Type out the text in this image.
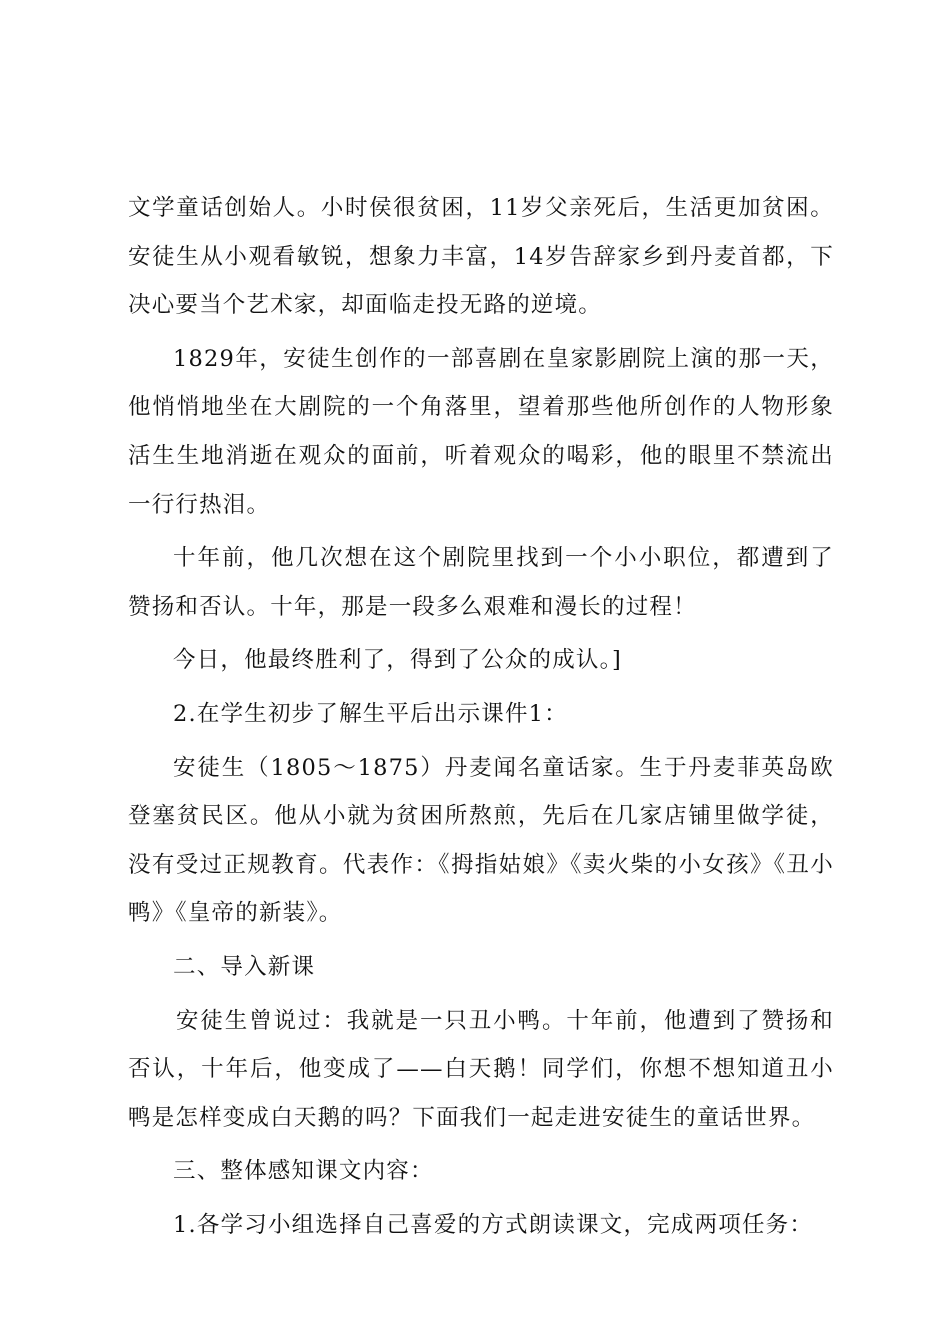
文学童话创始人。小时侯很贫困，11岁父亲死后，生活更加贫困。安徒生从小观看敏锐，想象力丰富，14岁告辞家乡到丹麦首都，下决心要当个艺术家，却面临走投无路的逆境。

1829年，安徒生创作的一部喜剧在皇家影剧院上演的那一天，他悄悄地坐在大剧院的一个角落里，望着那些他所创作的人物形象活生生地消逝在观众的面前，听着观众的喝彩，他的眼里不禁流出一行行热泪。

十年前，他几次想在这个剧院里找到一个小小职位，都遭到了赞扬和否认。十年，那是一段多么艰难和漫长的过程！

今日，他最终胜利了，得到了公众的成认。]

2.在学生初步了解生平后出示课件1：

安徒生（1805～1875）丹麦闻名童话家。生于丹麦菲英岛欧登塞贫民区。他从小就为贫困所熬煎，先后在几家店铺里做学徒，没有受过正规教育。代表作：《拇指姑娘》《卖火柴的小女孩》《丑小鸭》《皇帝的新装》。

二、导入新课

安徒生曾说过：我就是一只丑小鸭。十年前，他遭到了赞扬和否认，十年后，他变成了——白天鹅！同学们，你想不想知道丑小鸭是怎样变成白天鹅的吗？下面我们一起走进安徒生的童话世界。

三、整体感知课文内容：

1.各学习小组选择自己喜爱的方式朗读课文，完成两项任务：
